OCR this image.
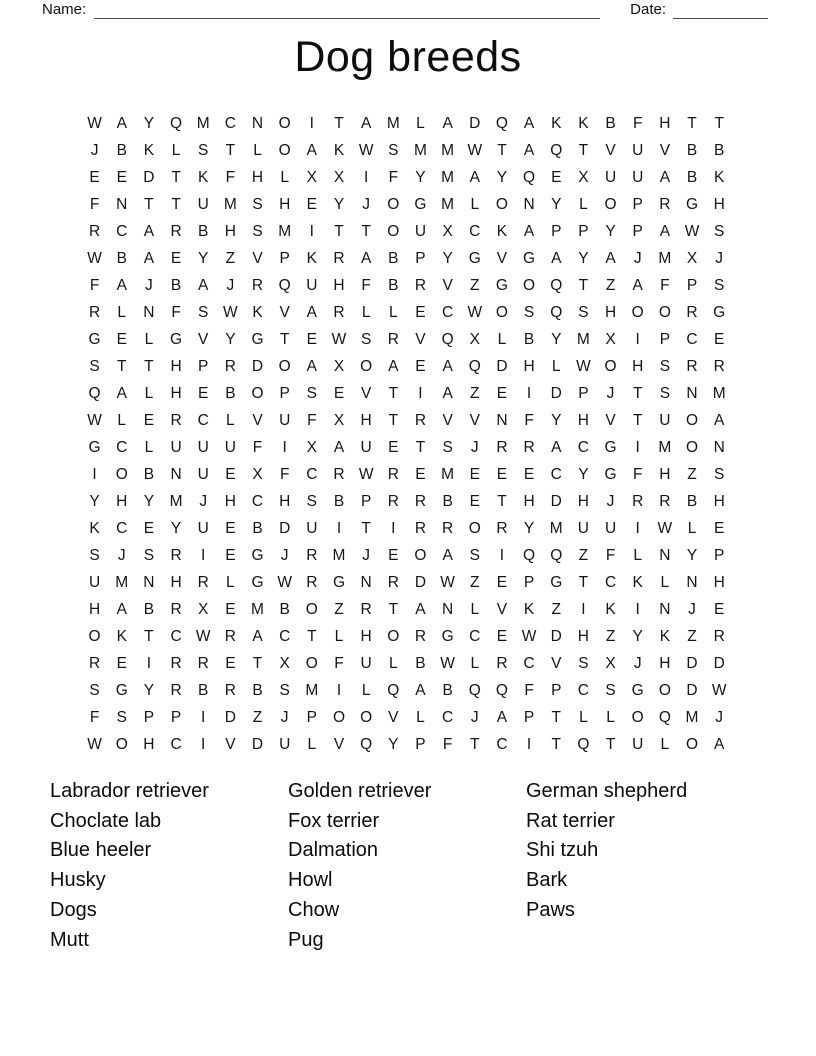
Name:	Date:
Dog breeds
W A	Y	Q M C	N	O	I	T	A	M	L	A	D	Q	A	K	K	B	F	H	T	T
J	B	K	L	S	T	L	O	A	K W S	M M W T	A	Q	T	V	U	V	B	B
E	E	D	T	K	F	H	L	X	X	I	F	Y	M	A	Y	Q	E	X	U	U	A	B	K
F	N	T	T	U M	S	H	E	Y	J	O G M	L	O	N	Y	L	O	P	R	G	H
R	C	A	R	B	H	S	M	I	T	T	O	U	X	C	K	A	P	P	Y	P	A W S
W B	A	E	Y	Z	V	P	K	R	A	B	P	Y	G	V	G	A	Y	A	J	M	X	J
F	A	J	B	A	J	R	Q	U	H	F	B	R	V	Z	G O Q	T	Z	A	F	P	S
R	L	N	F	S W K	V	A	R	L	L	E	C W O	S	Q	S	H	O O	R	G
G	E	L	G	V	Y	G	T	E W S	R	V	Q	X	L	B	Y	M	X	I	P	C	E
S	T	T	H	P	R	D	O	A	X	O	A	E	A	Q	D	H	L	W O	H	S	R	R
Q	A	L	H	E	B	O	P	S	E	V	T	I	A	Z	E	I	D	P	J	T	S	N M
W	L	E	R	C	L	V	U	F	X	H	T	R	V	V	N	F	Y	H	V	T	U	O	A
G	C	L	U	U	U	F	I	X	A	U	E	T	S	J	R	R	A	C	G	I	M O	N
I	O	B	N	U	E	X	F	C	R W R	E	M	E	E	E	C	Y	G	F	H	Z	S
Y	H	Y	M	J	H	C	H	S	B	P	R	R	B	E	T	H	D	H	J	R	R	B	H
K	C	E	Y	U	E	B	D	U	I	T	I	R	R	O	R	Y	M U	U	I	W	L	E
S	J	S	R	I	E	G	J	R M	J	E	O	A	S	I	Q Q	Z	F	L	N	Y	P
U M N	H	R	L	G W R	G	N	R	D W Z	E	P	G	T	C	K	L	N	H
H	A	B	R	X	E	M	B	O	Z	R	T	A	N	L	V	K	Z	I	K	I	N	J	E
O	K	T	C W R	A	C	T	L	H	O	R	G	C	E W D	H	Z	Y	K	Z	R
R	E	I	R	R	E	T	X	O	F	U	L	B W	L	R	C	V	S	X	J	H	D	D
S	G	Y	R	B	R	B	S	M	I	L	Q	A	B	Q Q	F	P	C	S	G O	D W
F	S	P	P	I	D	Z	J	P	O O	V	L	C	J	A	P	T	L	L	O Q M	J
W O	H	C	I	V	D	U	L	V	Q	Y	P	F	T	C	I	T	Q	T	U	L	O	A
Labrador retriever
Choclate lab
Blue heeler
Husky
Dogs
Mutt
Golden retriever
Fox terrier
Dalmation
Howl
Chow
Pug
German shepherd
Rat terrier
Shi tzuh
Bark
Paws
